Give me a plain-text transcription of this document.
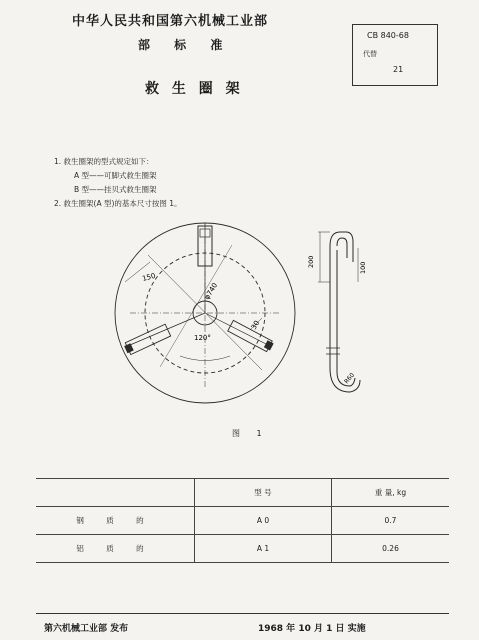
中华人民共和国第六机械工业部
部 标 准
救 生 圈 架
CB 840-68
代替
21
1. 救生圈架的型式规定如下：
A 型——可脚式救生圈架
B 型——挂贝式救生圈架
2. 救生圈架(A 型)的基本尺寸按图 1。
φ740
150
120°
30
200	100
R60
图 1
	型 号	重 量, kg
钢 质 的	A 0	0.7
铝 质 的	A 1	0.26
第六机械工业部 发布	1968 年 10 月 1 日 实施
